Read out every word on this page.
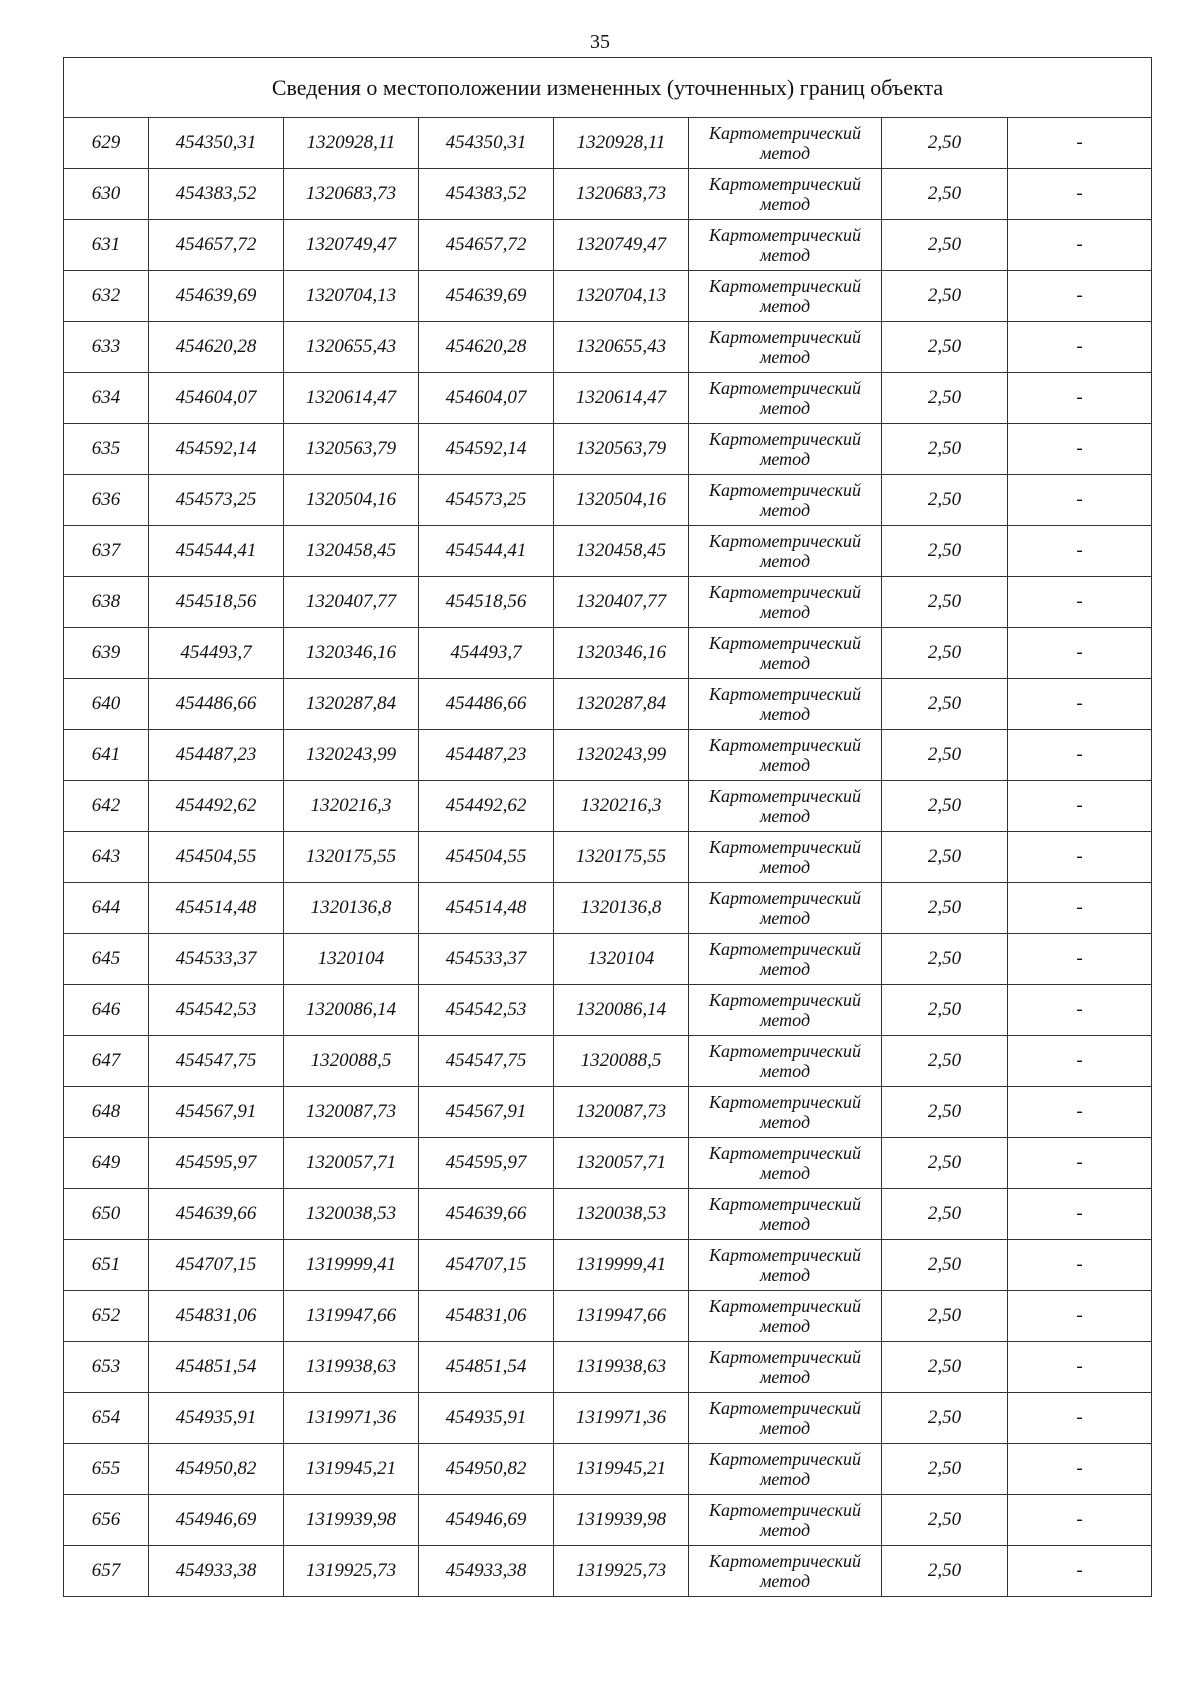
35
Сведения о местоположении измененных (уточненных) границ объекта							
629	454350,31	1320928,11	454350,31	1320928,11	Картометрический
метод	2,50	-
630	454383,52	1320683,73	454383,52	1320683,73	Картометрический
метод	2,50	-
631	454657,72	1320749,47	454657,72	1320749,47	Картометрический
метод	2,50	-
632	454639,69	1320704,13	454639,69	1320704,13	Картометрический
метод	2,50	-
633	454620,28	1320655,43	454620,28	1320655,43	Картометрический
метод	2,50	-
634	454604,07	1320614,47	454604,07	1320614,47	Картометрический
метод	2,50	-
635	454592,14	1320563,79	454592,14	1320563,79	Картометрический
метод	2,50	-
636	454573,25	1320504,16	454573,25	1320504,16	Картометрический
метод	2,50	-
637	454544,41	1320458,45	454544,41	1320458,45	Картометрический
метод	2,50	-
638	454518,56	1320407,77	454518,56	1320407,77	Картометрический
метод	2,50	-
639	454493,7	1320346,16	454493,7	1320346,16	Картометрический
метод	2,50	-
640	454486,66	1320287,84	454486,66	1320287,84	Картометрический
метод	2,50	-
641	454487,23	1320243,99	454487,23	1320243,99	Картометрический
метод	2,50	-
642	454492,62	1320216,3	454492,62	1320216,3	Картометрический
метод	2,50	-
643	454504,55	1320175,55	454504,55	1320175,55	Картометрический
метод	2,50	-
644	454514,48	1320136,8	454514,48	1320136,8	Картометрический
метод	2,50	-
645	454533,37	1320104	454533,37	1320104	Картометрический
метод	2,50	-
646	454542,53	1320086,14	454542,53	1320086,14	Картометрический
метод	2,50	-
647	454547,75	1320088,5	454547,75	1320088,5	Картометрический
метод	2,50	-
648	454567,91	1320087,73	454567,91	1320087,73	Картометрический
метод	2,50	-
649	454595,97	1320057,71	454595,97	1320057,71	Картометрический
метод	2,50	-
650	454639,66	1320038,53	454639,66	1320038,53	Картометрический
метод	2,50	-
651	454707,15	1319999,41	454707,15	1319999,41	Картометрический
метод	2,50	-
652	454831,06	1319947,66	454831,06	1319947,66	Картометрический
метод	2,50	-
653	454851,54	1319938,63	454851,54	1319938,63	Картометрический
метод	2,50	-
654	454935,91	1319971,36	454935,91	1319971,36	Картометрический
метод	2,50	-
655	454950,82	1319945,21	454950,82	1319945,21	Картометрический
метод	2,50	-
656	454946,69	1319939,98	454946,69	1319939,98	Картометрический
метод	2,50	-
657	454933,38	1319925,73	454933,38	1319925,73	Картометрический
метод	2,50	-
